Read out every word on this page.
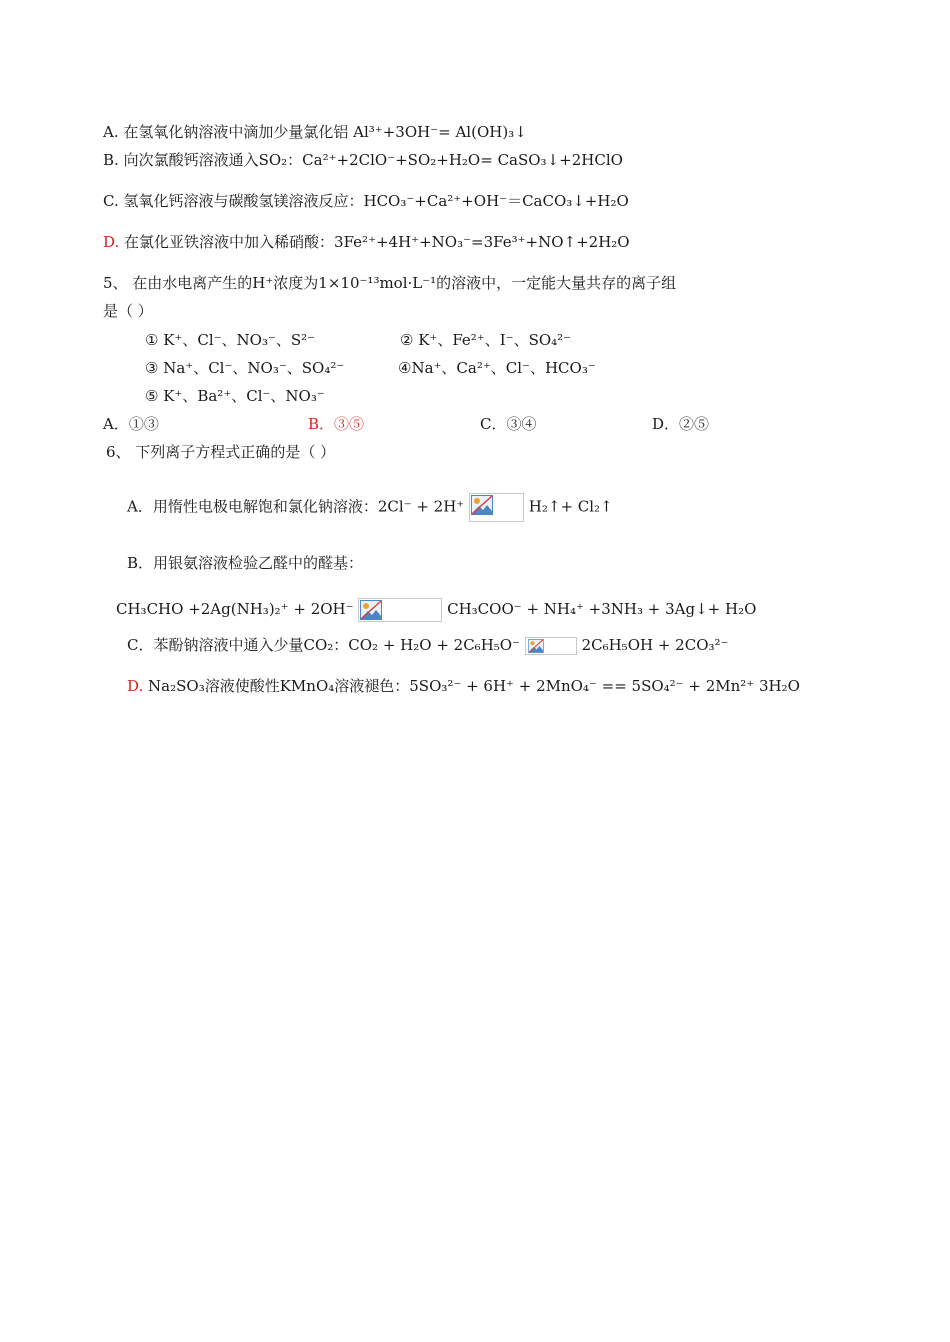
A. 在氢氧化钠溶液中滴加少量氯化铝 Al³⁺+3OH⁻= Al(OH)₃↓
B. 向次氯酸钙溶液通入SO₂：Ca²⁺+2ClO⁻+SO₂+H₂O= CaSO₃↓+2HClO
C. 氢氧化钙溶液与碳酸氢镁溶液反应：HCO₃⁻+Ca²⁺+OH⁻＝CaCO₃↓+H₂O
D. 在氯化亚铁溶液中加入稀硝酸：3Fe²⁺+4H⁺+NO₃⁻=3Fe³⁺+NO↑+2H₂O
5、 在由水电离产生的H⁺浓度为1×10⁻¹³mol·L⁻¹的溶液中，一定能大量共存的离子组
是（ ）
① K⁺、Cl⁻、NO₃⁻、S²⁻	② K⁺、Fe²⁺、I⁻、SO₄²⁻
③ Na⁺、Cl⁻、NO₃⁻、SO₄²⁻	④Na⁺、Ca²⁺、Cl⁻、HCO₃⁻
⑤ K⁺、Ba²⁺、Cl⁻、NO₃⁻
A．①③	B．③⑤	C．③④	D．②⑤
6、 下列离子方程式正确的是（ ）
A．用惰性电极电解饱和氯化钠溶液：2Cl⁻ + 2H⁺	H₂↑+ Cl₂↑
B．用银氨溶液检验乙醛中的醛基：
CH₃CHO +2Ag(NH₃)₂⁺ + 2OH⁻	CH₃COO⁻ + NH₄⁺ +3NH₃ + 3Ag↓+ H₂O
C．苯酚钠溶液中通入少量CO₂：CO₂ + H₂O + 2C₆H₅O⁻	2C₆H₅OH + 2CO₃²⁻
D. Na₂SO₃溶液使酸性KMnO₄溶液褪色：5SO₃²⁻ + 6H⁺ + 2MnO₄⁻ == 5SO₄²⁻ + 2Mn²⁺ 3H₂O
